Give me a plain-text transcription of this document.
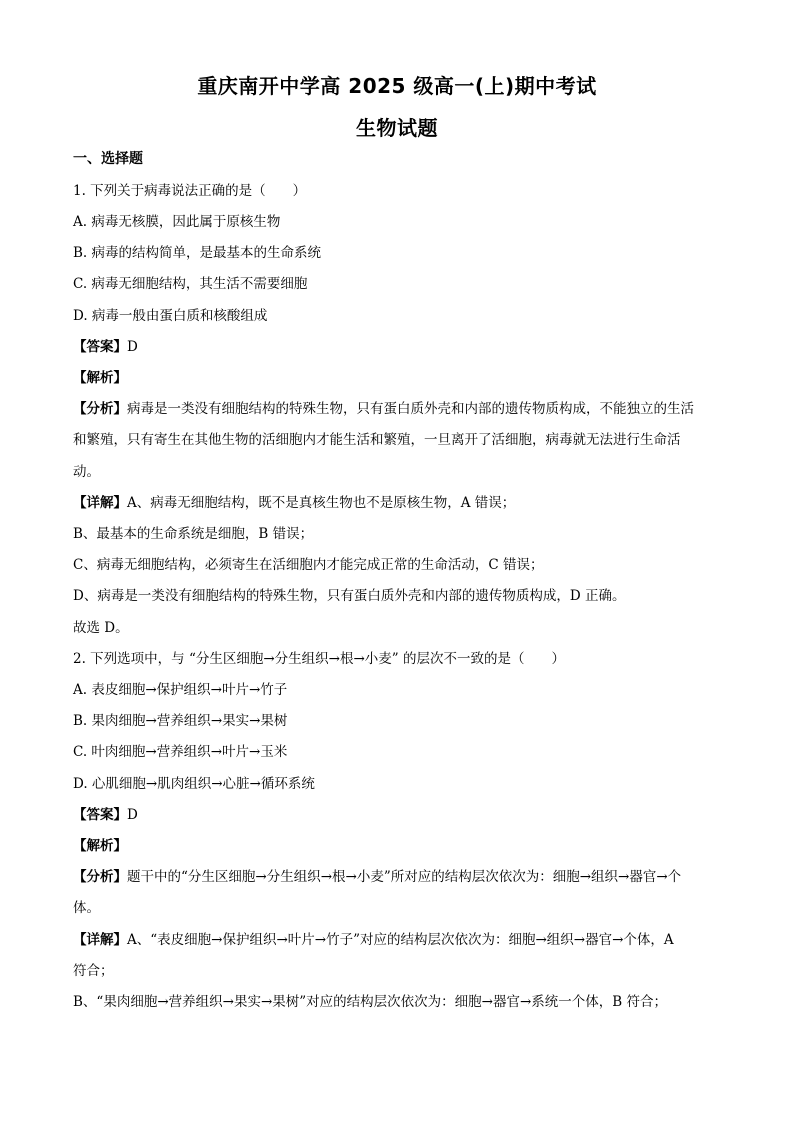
重庆南开中学高 2025 级高一(上)期中考试
生物试题
一、选择题
1. 下列关于病毒说法正确的是（　　）
A. 病毒无核膜，因此属于原核生物
B. 病毒的结构简单，是最基本的生命系统
C. 病毒无细胞结构，其生活不需要细胞
D. 病毒一般由蛋白质和核酸组成
【答案】D
【解析】
【分析】病毒是一类没有细胞结构的特殊生物，只有蛋白质外壳和内部的遗传物质构成，不能独立的生活
和繁殖，只有寄生在其他生物的活细胞内才能生活和繁殖，一旦离开了活细胞，病毒就无法进行生命活
动。
【详解】A、病毒无细胞结构，既不是真核生物也不是原核生物，A 错误；
B、最基本的生命系统是细胞，B 错误；
C、病毒无细胞结构，必须寄生在活细胞内才能完成正常的生命活动，C 错误；
D、病毒是一类没有细胞结构的特殊生物，只有蛋白质外壳和内部的遗传物质构成，D 正确。
故选 D。
2. 下列选项中，与 “分生区细胞→分生组织→根→小麦” 的层次不一致的是（　　）
A. 表皮细胞→保护组织→叶片→竹子
B. 果肉细胞→营养组织→果实→果树
C. 叶肉细胞→营养组织→叶片→玉米
D. 心肌细胞→肌肉组织→心脏→循环系统
【答案】D
【解析】
【分析】题干中的“分生区细胞→分生组织→根→小麦”所对应的结构层次依次为：细胞→组织→器官→个
体。
【详解】A、“表皮细胞→保护组织→叶片→竹子”对应的结构层次依次为：细胞→组织→器官→个体，A
符合；
B、“果肉细胞→营养组织→果实→果树”对应的结构层次依次为：细胞→器官→系统一个体，B 符合；
